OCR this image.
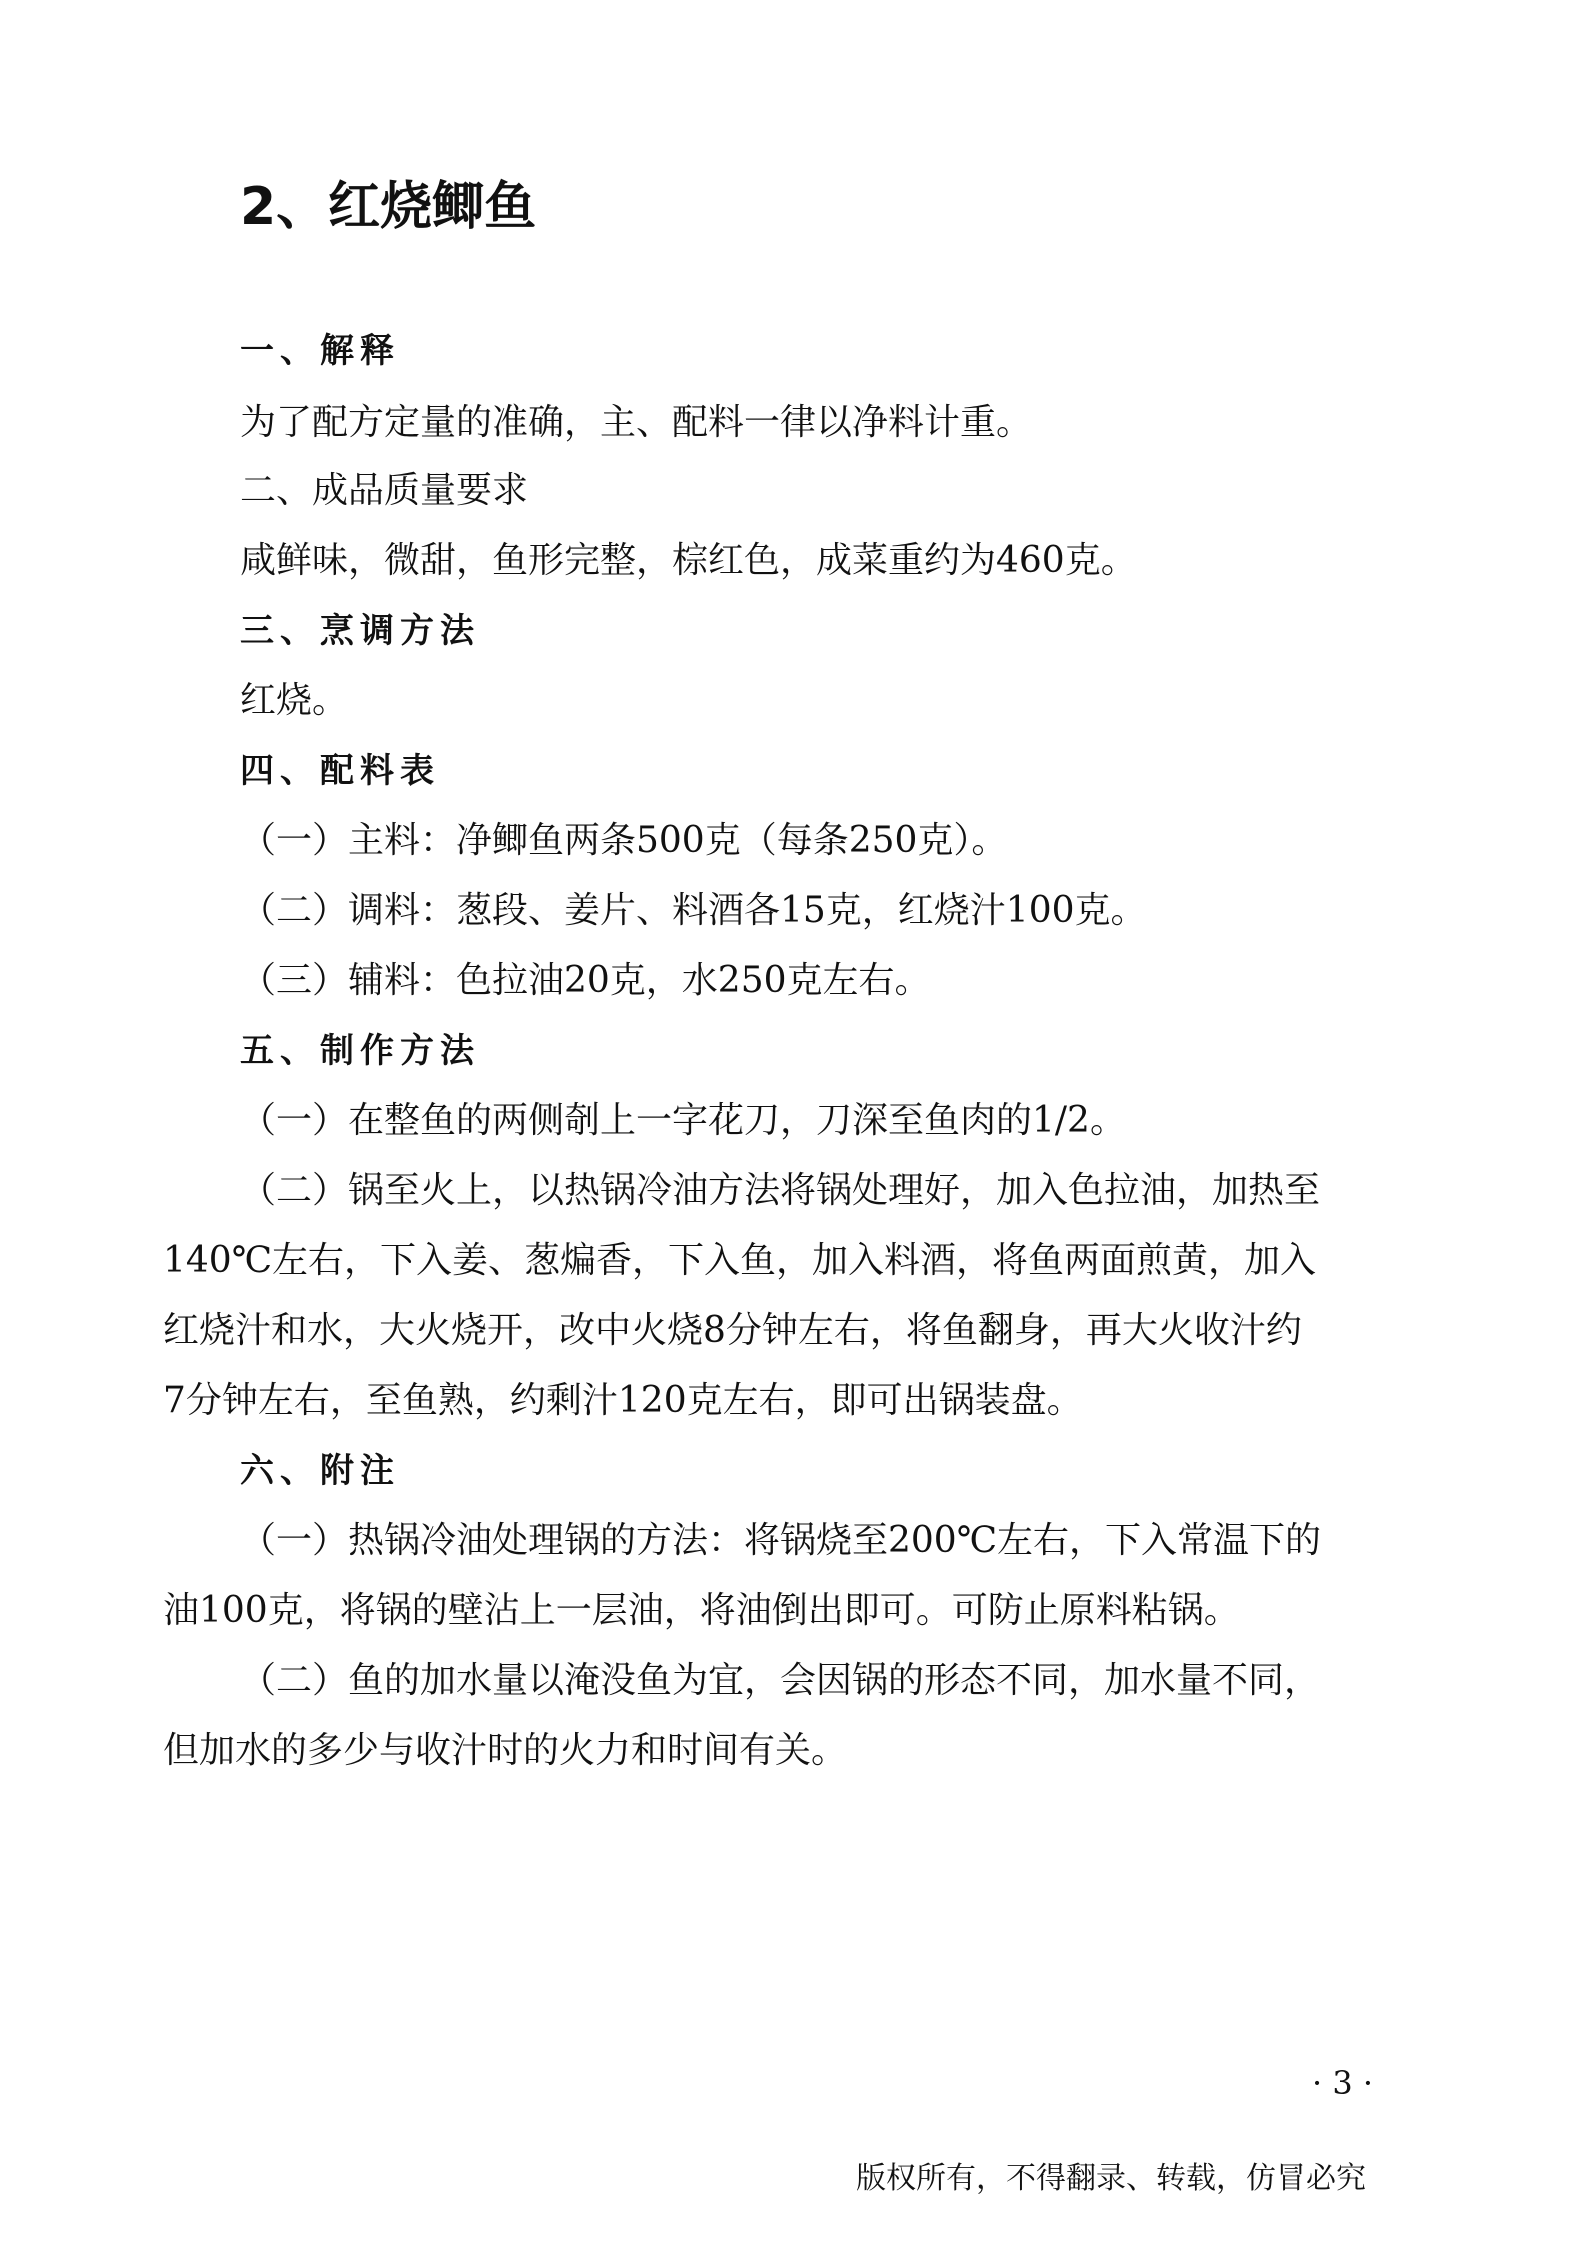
2、红烧鲫鱼
一、解释
为了配方定量的准确，主、配料一律以净料计重。
二、成品质量要求
咸鲜味，微甜，鱼形完整，棕红色，成菜重约为460克。
三、烹调方法
红烧。
四、配料表
（一）主料：净鲫鱼两条500克（每条250克）。
（二）调料：葱段、姜片、料酒各15克，红烧汁100克。
（三）辅料：色拉油20克，水250克左右。
五、制作方法
（一）在整鱼的两侧剞上一字花刀，刀深至鱼肉的1/2。
（二）锅至火上，以热锅冷油方法将锅处理好，加入色拉油，加热至
140℃左右，下入姜、葱煸香，下入鱼，加入料酒，将鱼两面煎黄，加入
红烧汁和水，大火烧开，改中火烧8分钟左右，将鱼翻身，再大火收汁约
7分钟左右，至鱼熟，约剩汁120克左右，即可出锅装盘。
六、附注
（一）热锅冷油处理锅的方法：将锅烧至200℃左右，下入常温下的
油100克，将锅的壁沾上一层油，将油倒出即可。可防止原料粘锅。
（二）鱼的加水量以淹没鱼为宜，会因锅的形态不同，加水量不同，
但加水的多少与收汁时的火力和时间有关。
· 3 ·
版权所有，不得翻录、转载，仿冒必究
